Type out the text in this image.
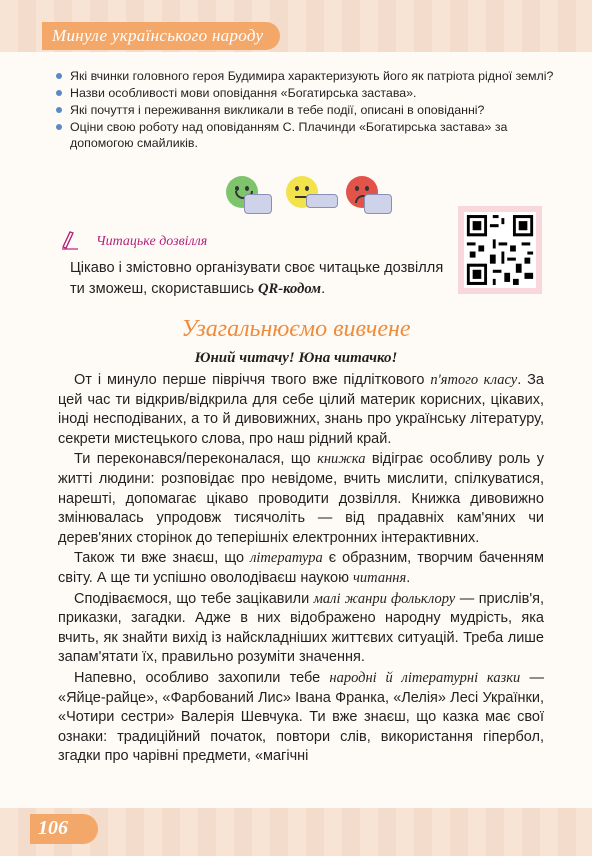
Минуле українського народу
Які вчинки головного героя Будимира характеризують його як патріота рідної землі?
Назви особливості мови оповідання «Богатирська застава».
Які почуття і переживання викликали в тебе події, описані в оповіданні?
Оціни свою роботу над оповіданням С. Плачинди «Богатирська застава» за допомогою смайликів.
Читацьке дозвілля
Цікаво і змістовно організувати своє читацьке дозвілля ти зможеш, скориставшись QR-кодом.
Узагальнюємо вивчене
Юний читачу! Юна читачко!

От і минуло перше півріччя твого вже підліткового п'ятого класу. За цей час ти відкрив/відкрила для себе цілий материк корисних, цікавих, іноді несподіваних, а то й дивовижних, знань про українську літературу, секрети мистецького слова, про наш рідний край.

Ти переконався/переконалася, що книжка відіграє особливу роль у житті людини: розповідає про невідоме, вчить мислити, спілкуватися, нарешті, допомагає цікаво проводити дозвілля. Книжка дивовижно змінювалась упродовж тисячоліть — від прадавніх кам'яних чи дерев'яних сторінок до теперішніх електронних інтерактивних.

Також ти вже знаєш, що література є образним, творчим баченням світу. А ще ти успішно оволодіваєш наукою читання.

Сподіваємося, що тебе зацікавили малі жанри фольклору — прислів'я, приказки, загадки. Адже в них відображено народну мудрість, яка вчить, як знайти вихід із найскладніших життєвих ситуацій. Треба лише запам'ятати їх, правильно розуміти значення.

Напевно, особливо захопили тебе народні й літературні казки — «Яйце-райце», «Фарбований Лис» Івана Франка, «Лелія» Лесі Українки, «Чотири сестри» Валерія Шевчука. Ти вже знаєш, що казка має свої ознаки: традиційний початок, повтори слів, використання гіпербол, згадки про чарівні предмети, «магічні

106
